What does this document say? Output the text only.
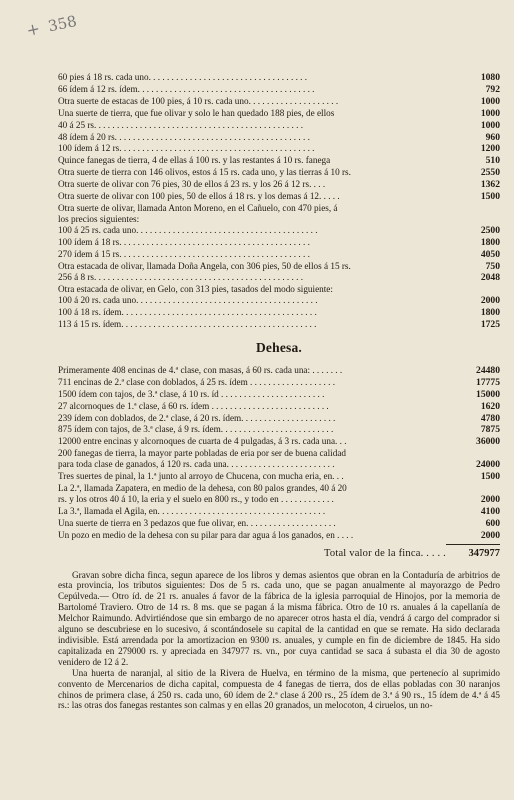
+ 358
60 pies á 18 rs. cada uno. . . . . . . . . . . . . . . . . . . . . . . . . . . . . . . . . . .	1080
66 ídem á 12 rs. ídem. . . . . . . . . . . . . . . . . . . . . . . . . . . . . . . . . . . . . . .	792
Otra suerte de estacas de 100 pies, á 10 rs. cada uno. . . . . . . . . . . . . . . . . . . .	1000
Una suerte de tierra, que fue olivar y solo le han quedado 188 pies, de ellos	1000
40 á 25 rs. . . . . . . . . . . . . . . . . . . . . . . . . . . . . . . . . . . . . . . . . . . . . .	1000
48 ídem á 20 rs. . . . . . . . . . . . . . . . . . . . . . . . . . . . . . . . . . . . . . . . . . .	960
100 ídem á 12 rs. . . . . . . . . . . . . . . . . . . . . . . . . . . . . . . . . . . . . . . . . . .	1200
Quince fanegas de tierra, 4 de ellas á 100 rs. y las restantes á 10 rs. fanega	510
Otra suerte de tierra con 146 olivos, estos á 15 rs. cada uno, y las tierras á 10 rs.	2550
Otra suerte de olivar con 76 pies, 30 de ellos á 23 rs. y los 26 á 12 rs. . . .	1362
Otra suerte de olivar con 100 pies, 50 de ellos á 18 rs. y los demas á 12. . . . .	1500
Otra suerte de olivar, llamada Anton Moreno, en el Cañuelo, con 470 pies, á
los precios siguientes:
100 á 25 rs. cada uno. . . . . . . . . . . . . . . . . . . . . . . . . . . . . . . . . . . . . . . .	2500
100 ídem á 18 rs. . . . . . . . . . . . . . . . . . . . . . . . . . . . . . . . . . . . . . . . . .	1800
270 ídem á 15 rs. . . . . . . . . . . . . . . . . . . . . . . . . . . . . . . . . . . . . . . . . .	4050
Otra estacada de olivar, llamada Doña Angela, con 306 pies, 50 de ellos á 15 rs.	750
256 á 8 rs. . . . . . . . . . . . . . . . . . . . . . . . . . . . . . . . . . . . . . . . . . . . . .	2048
Otra estacada de olivar, en Gelo, con 313 pies, tasados del modo siguiente:
100 á 20 rs. cada uno. . . . . . . . . . . . . . . . . . . . . . . . . . . . . . . . . . . . . . . .	2000
100 á 18 rs. ídem. . . . . . . . . . . . . . . . . . . . . . . . . . . . . . . . . . . . . . . . . . .	1800
113 á 15 rs. ídem. . . . . . . . . . . . . . . . . . . . . . . . . . . . . . . . . . . . . . . . . . .	1725
Dehesa.
Primeramente 408 encinas de 4.ª clase, con masas, á 60 rs. cada una: . . . . . . .	24480
711 encinas de 2.ª clase con doblados, á 25 rs. ídem . . . . . . . . . . . . . . . . . . .	17775
1500 ídem con tajos, de 3.ª clase, á 10 rs. íd . . . . . . . . . . . . . . . . . . . . . . .	15000
27 alcornoques de 1.ª clase, á 60 rs. ídem . . . . . . . . . . . . . . . . . . . . . . . . . .	1620
239 ídem con doblados, de 2.ª clase, á 20 rs. ídem. . . . . . . . . . . . . . . . . . . . .	4780
875 ídem con tajos, de 3.ª clase, á 9 rs. ídem. . . . . . . . . . . . . . . . . . . . . . . . .	7875
12000 entre encinas y alcornoques de cuarta de 4 pulgadas, á 3 rs. cada una. . .	36000
200 fanegas de tierra, la mayor parte pobladas de eria por ser de buena calidad
para toda clase de ganados, á 120 rs. cada una. . . . . . . . . . . . . . . . . . . . . . . .	24000
Tres suertes de pinal, la 1.ª junto al arroyo de Chucena, con mucha eria, en. . .	1500
La 2.ª, llamada Zapatera, en medio de la dehesa, con 80 palos grandes, 40 á 20
rs. y los otros 40 á 10, la eria y el suelo en 800 rs., y todo en . . . . . . . . . . . .	2000
La 3.ª, llamada el Agila, en. . . . . . . . . . . . . . . . . . . . . . . . . . . . . . . . . . . . .	4100
Una suerte de tierra en 3 pedazos que fue olivar, en. . . . . . . . . . . . . . . . . . . .	600
Un pozo en medio de la dehesa con su pilar para dar agua á los ganados, en . . . .	2000
Total valor de la finca. . . . .	347977
Gravan sobre dicha finca, segun aparece de los libros y demas asientos que obran en la Contaduría de arbitrios de esta provincia, los tributos siguientes: Dos de 5 rs. cada uno, que se pagan anualmente al mayorazgo de Pedro Cepúlveda.— Otro íd. de 21 rs. anuales á favor de la fábrica de la iglesia parroquial de Hinojos, por la memoria de Bartolomé Traviero. Otro de 14 rs. 8 ms. que se pagan á la misma fábrica. Otro de 10 rs. anuales á la capellanía de Melchor Raimundo. Advirtiéndose que sin embargo de no aparecer otros hasta el día, vendrá á cargo del comprador si alguno se descubriese en lo sucesivo, á scontándosele su capital de la cantidad en que se remate. Ha sido declarada indivisible. Está arrendada por la amortizacion en 9300 rs. anuales, y cumple en fin de diciembre de 1845. Ha sido capitalizada en 279000 rs. y apreciada en 347977 rs. vn., por cuya cantidad se saca á subasta el dia 30 de agosto venidero de 12 á 2.
Una huerta de naranjal, al sitio de la Rivera de Huelva, en término de la misma, que pertenecío al suprimido convento de Mercenarios de dicha capital, compuesta de 4 fanegas de tierra, dos de ellas pobladas con 30 naranjos chinos de primera clase, á 250 rs. cada uno, 60 ídem de 2.ª clase á 200 rs., 25 ídem de 3.ª á 90 rs., 15 ídem de 4.ª á 45 rs.: las otras dos fanegas restantes son calmas y en ellas 20 granados, un melocoton, 4 ciruelos, un no-
